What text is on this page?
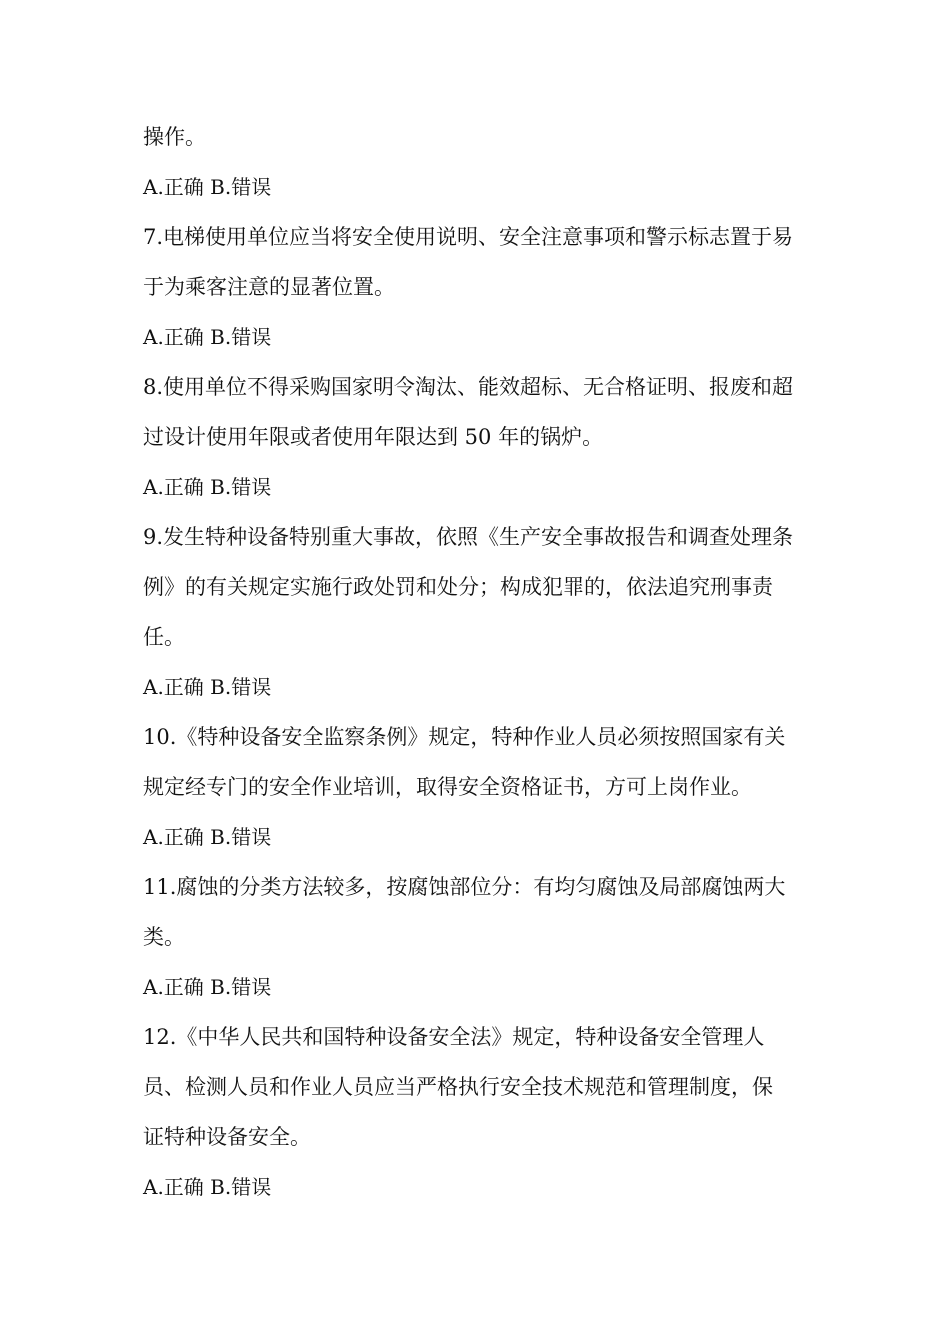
操作。
A.正确 B.错误
7.电梯使用单位应当将安全使用说明、安全注意事项和警示标志置于易
于为乘客注意的显著位置。
A.正确 B.错误
8.使用单位不得采购国家明令淘汰、能效超标、无合格证明、报废和超
过设计使用年限或者使用年限达到 50 年的锅炉。
A.正确 B.错误
9.发生特种设备特别重大事故，依照《生产安全事故报告和调查处理条
例》的有关规定实施行政处罚和处分；构成犯罪的，依法追究刑事责
任。
A.正确 B.错误
10.《特种设备安全监察条例》规定，特种作业人员必须按照国家有关
规定经专门的安全作业培训，取得安全资格证书，方可上岗作业。
A.正确 B.错误
11.腐蚀的分类方法较多，按腐蚀部位分：有均匀腐蚀及局部腐蚀两大
类。
A.正确 B.错误
12.《中华人民共和国特种设备安全法》规定，特种设备安全管理人
员、检测人员和作业人员应当严格执行安全技术规范和管理制度，保
证特种设备安全。
A.正确 B.错误
